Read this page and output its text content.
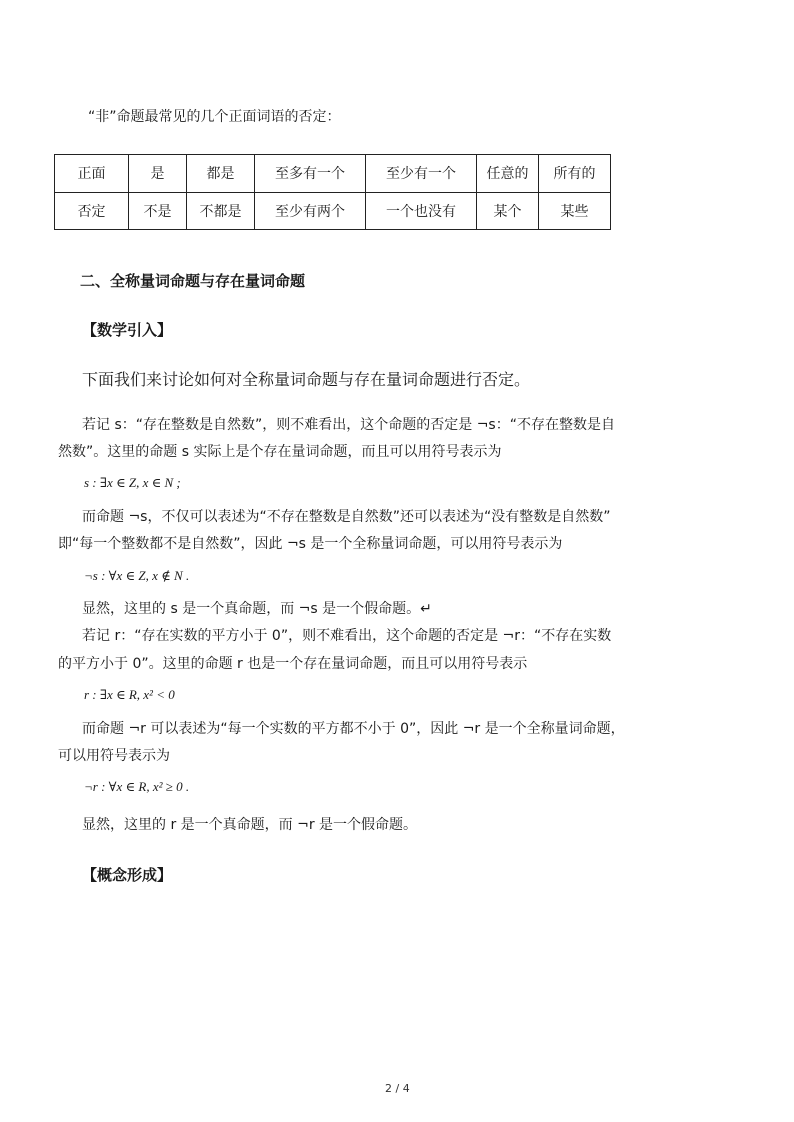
“非”命题最常见的几个正面词语的否定：
正面	是	都是	至多有一个	至少有一个	任意的	所有的
否定	不是	不都是	至少有两个	一个也没有	某个	某些
二、全称量词命题与存在量词命题
【数学引入】
下面我们来讨论如何对全称量词命题与存在量词命题进行否定。
若记 s：“存在整数是自然数”，则不难看出，这个命题的否定是 ¬s：“不存在整数是自
然数”。这里的命题 s 实际上是个存在量词命题，而且可以用符号表示为
s : ∃x ∈ Z, x ∈ N ;
而命题 ¬s，不仅可以表述为“不存在整数是自然数”还可以表述为“没有整数是自然数”
即“每一个整数都不是自然数”，因此 ¬s 是一个全称量词命题，可以用符号表示为
¬s : ∀x ∈ Z, x ∉ N .
显然，这里的 s 是一个真命题，而 ¬s 是一个假命题。↵
若记 r：“存在实数的平方小于 0”，则不难看出，这个命题的否定是 ¬r：“不存在实数
的平方小于 0”。这里的命题 r 也是一个存在量词命题，而且可以用符号表示
r : ∃x ∈ R, x² < 0
而命题 ¬r 可以表述为“每一个实数的平方都不小于 0”，因此 ¬r 是一个全称量词命题，
可以用符号表示为
¬r : ∀x ∈ R, x² ≥ 0 .
显然，这里的 r 是一个真命题，而 ¬r 是一个假命题。
【概念形成】
2 / 4
